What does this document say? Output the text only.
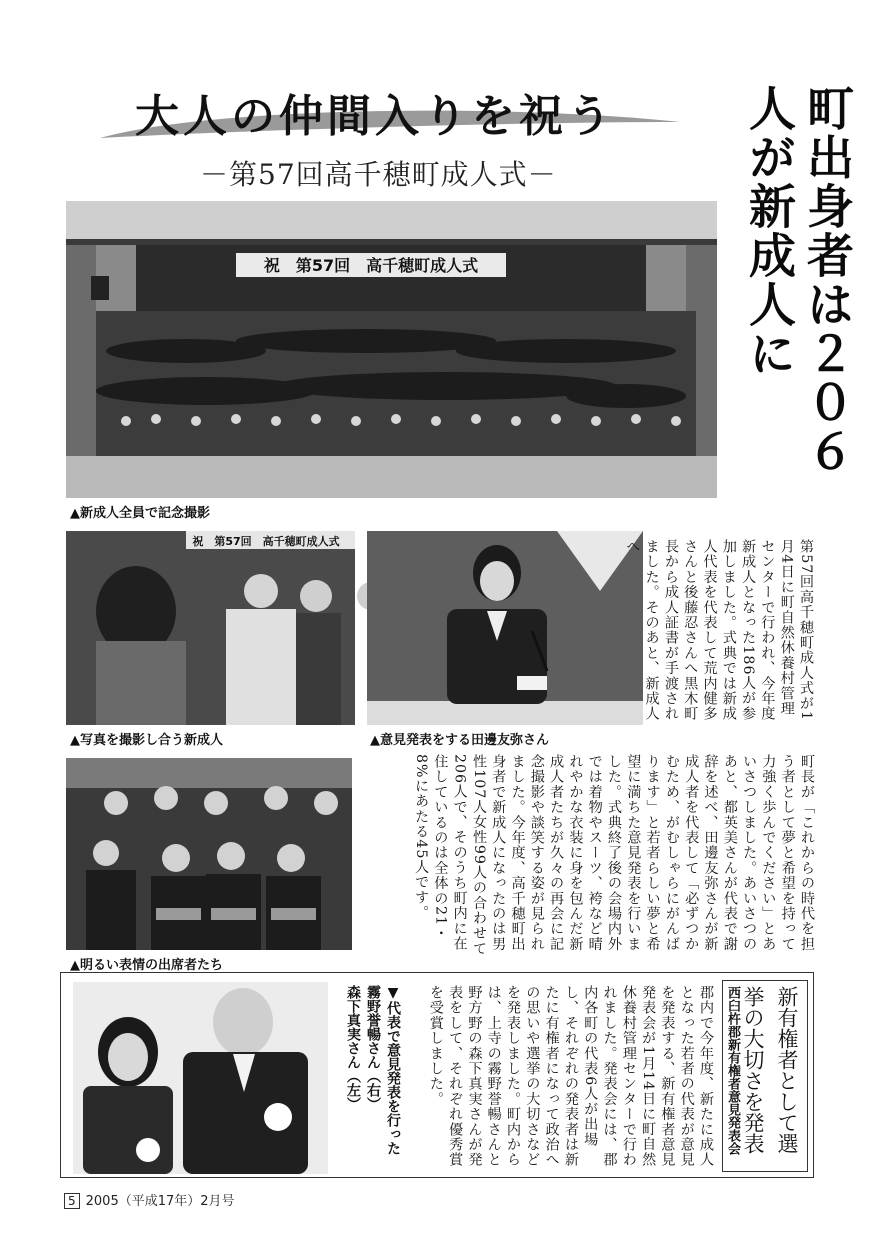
大人の仲間入りを祝う
－第57回高千穂町成人式－	町出身者は２０６人が新成人に
祝　第57回　高千穂町成人式
▲新成人全員で記念撮影
祝　第57回　高千穂町成人式
▲写真を撮影し合う新成人	▲意見発表をする田邊友弥さん
▲明るい表情の出席者たち
第57回高千穂町成人式が1月4日に町自然休養村管理センターで行われ、今年度新成人となった186人が参加しました。式典では新成人代表を代表して荒内健多さんと後藤忍さんへ黒木町長から成人証書が手渡されました。そのあと、新成人へ
町長が「これからの時代を担う者として夢と希望を持って力強く歩んでください」とあいさつしました。あいさつのあと、都英美さんが代表で謝辞を述べ、田邊友弥さんが新成人者を代表して「必ずつかむため、がむしゃらにがんばります」と若者らしい夢と希望に満ちた意見発表を行いました。式典終了後の会場内外では着物やスーツ、袴など晴れやかな衣装に身を包んだ新成人者たちが久々の再会に記念撮影や談笑する姿が見られました。今年度、高千穂町出身者で新成人になったのは男性107人女性99人の合わせて206人で、そのうち町内に在住しているのは全体の21・8%にあたる45人です。
▼代表で意見発表を行った
霧野誉暢さん（右）
森下真実さん（左）	郡内で今年度、新たに成人となった若者の代表が意見を発表する、新有権者意見発表会が1月14日に町自然休養村管理センターで行われました。発表会には、郡内各町の代表6人が出場し、それぞれの発表者は新たに有権者になって政治への思いや選挙の大切さなどを発表しました。町内からは、上寺の霧野誉暢さんと野方野の森下真実さんが発表をして、それぞれ優秀賞を受賞しました。	新有権者として選挙の大切さを発表
西臼杵郡新有権者意見発表会
5 2005（平成17年）2月号
